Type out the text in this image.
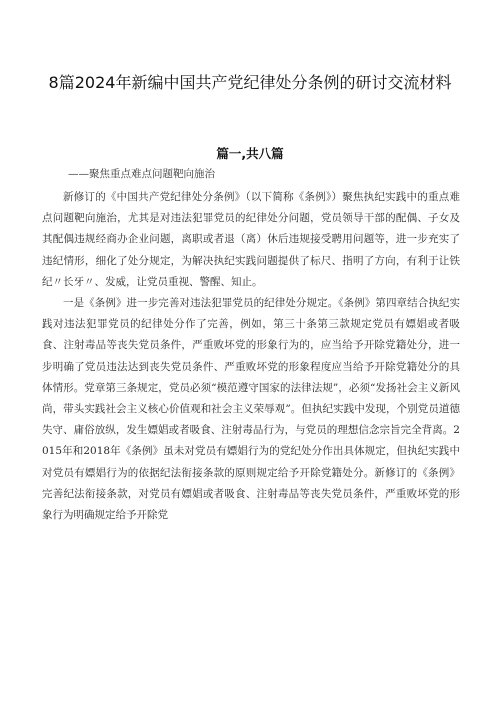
8篇2024年新编中国共产党纪律处分条例的研讨交流材料
篇一,共八篇

——聚焦重点难点问题靶向施治

新修订的《中国共产党纪律处分条例》（以下简称《条例》）聚焦执纪实践中的重点难点问题靶向施治，尤其是对违法犯罪党员的纪律处分问题，党员领导干部的配偶、子女及其配偶违规经商办企业问题，离职或者退（离）休后违规接受聘用问题等，进一步充实了违纪情形，细化了处分规定，为解决执纪实践问题提供了标尺、指明了方向，有利于让铁纪〃长牙〃、发威，让党员重视、警醒、知止。

一是《条例》进一步完善对违法犯罪党员的纪律处分规定。《条例》第四章结合执纪实践对违法犯罪党员的纪律处分作了完善，例如，第三十条第三款规定党员有嫖娼或者吸食、注射毒品等丧失党员条件，严重败坏党的形象行为的，应当给予开除党籍处分，进一步明确了党员违法达到丧失党员条件、严重败坏党的形象程度应当给予开除党籍处分的具体情形。党章第三条规定，党员必须“模范遵守国家的法律法规”，必须“发扬社会主义新风尚，带头实践社会主义核心价值观和社会主义荣辱观”。但执纪实践中发现，个别党员道德失守、庸俗放纵，发生嫖娼或者吸食、注射毒品行为，与党员的理想信念宗旨完全背离。2015年和2018年《条例》虽未对党员有嫖娼行为的党纪处分作出具体规定，但执纪实践中对党员有嫖娼行为的依据纪法衔接条款的原则规定给予开除党籍处分。新修订的《条例》完善纪法衔接条款，对党员有嫖娼或者吸食、注射毒品等丧失党员条件，严重败坏党的形象行为明确规定给予开除党
